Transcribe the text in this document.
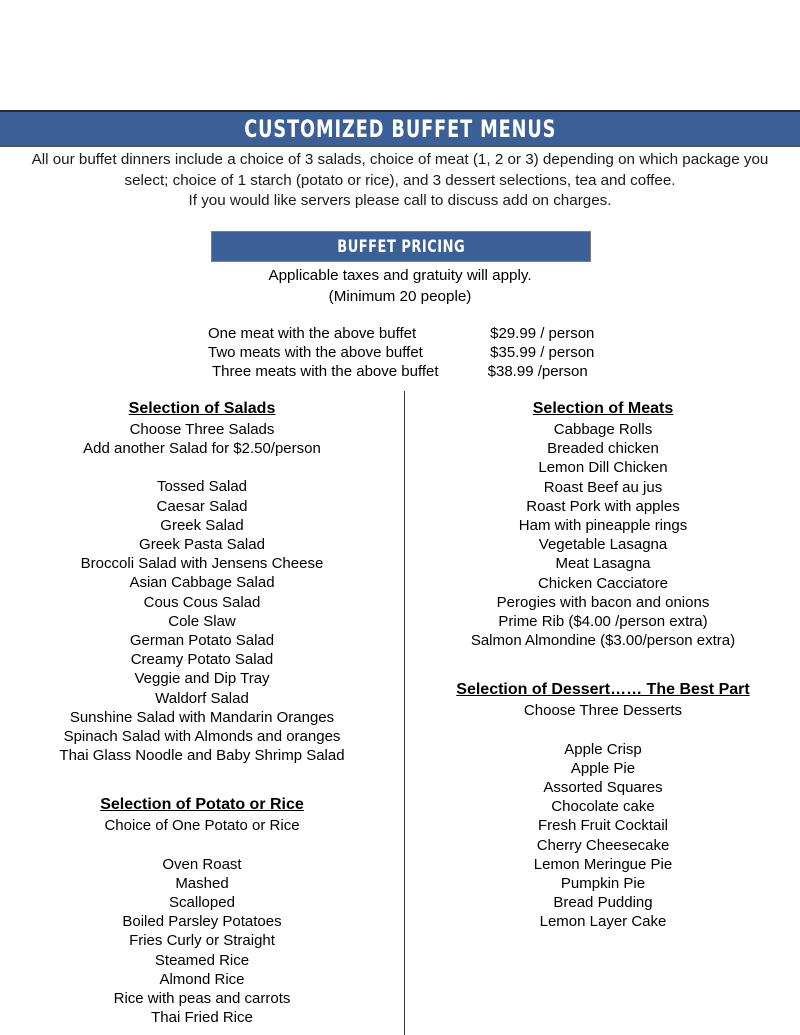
CUSTOMIZED BUFFET MENUS
All our buffet dinners include a choice of 3 salads, choice of meat (1, 2 or 3) depending on which package you
select; choice of 1 starch (potato or rice), and 3 dessert selections, tea and coffee.
If you would like servers please call to discuss add on charges.
BUFFET PRICING
Applicable taxes and gratuity will apply.
(Minimum 20 people)
One meat with the above buffet	$29.99 / person
Two meats with the above buffet	$35.99 / person
Three meats with the above buffet	$38.99 /person
Selection of Salads
Choose Three Salads
Add another Salad for $2.50/person
Tossed Salad
Caesar Salad
Greek Salad
Greek Pasta Salad
Broccoli Salad with Jensens Cheese
Asian Cabbage Salad
Cous Cous Salad
Cole Slaw
German Potato Salad
Creamy Potato Salad
Veggie and Dip Tray
Waldorf Salad
Sunshine Salad with Mandarin Oranges
Spinach Salad with Almonds and oranges
Thai Glass Noodle and Baby Shrimp Salad
Selection of Potato or Rice
Choice of One Potato or Rice
Oven Roast
Mashed
Scalloped
Boiled Parsley Potatoes
Fries Curly or Straight
Steamed Rice
Almond Rice
Rice with peas and carrots
Thai Fried Rice
Selection of Meats
Cabbage Rolls
Breaded chicken
Lemon Dill Chicken
Roast Beef au jus
Roast Pork with apples
Ham with pineapple rings
Vegetable Lasagna
Meat Lasagna
Chicken Cacciatore
Perogies with bacon and onions
Prime Rib ($4.00 /person extra)
Salmon Almondine ($3.00/person extra)
Selection of Dessert…… The Best Part
Choose Three Desserts
Apple Crisp
Apple Pie
Assorted Squares
Chocolate cake
Fresh Fruit Cocktail
Cherry Cheesecake
Lemon Meringue Pie
Pumpkin Pie
Bread Pudding
Lemon Layer Cake
